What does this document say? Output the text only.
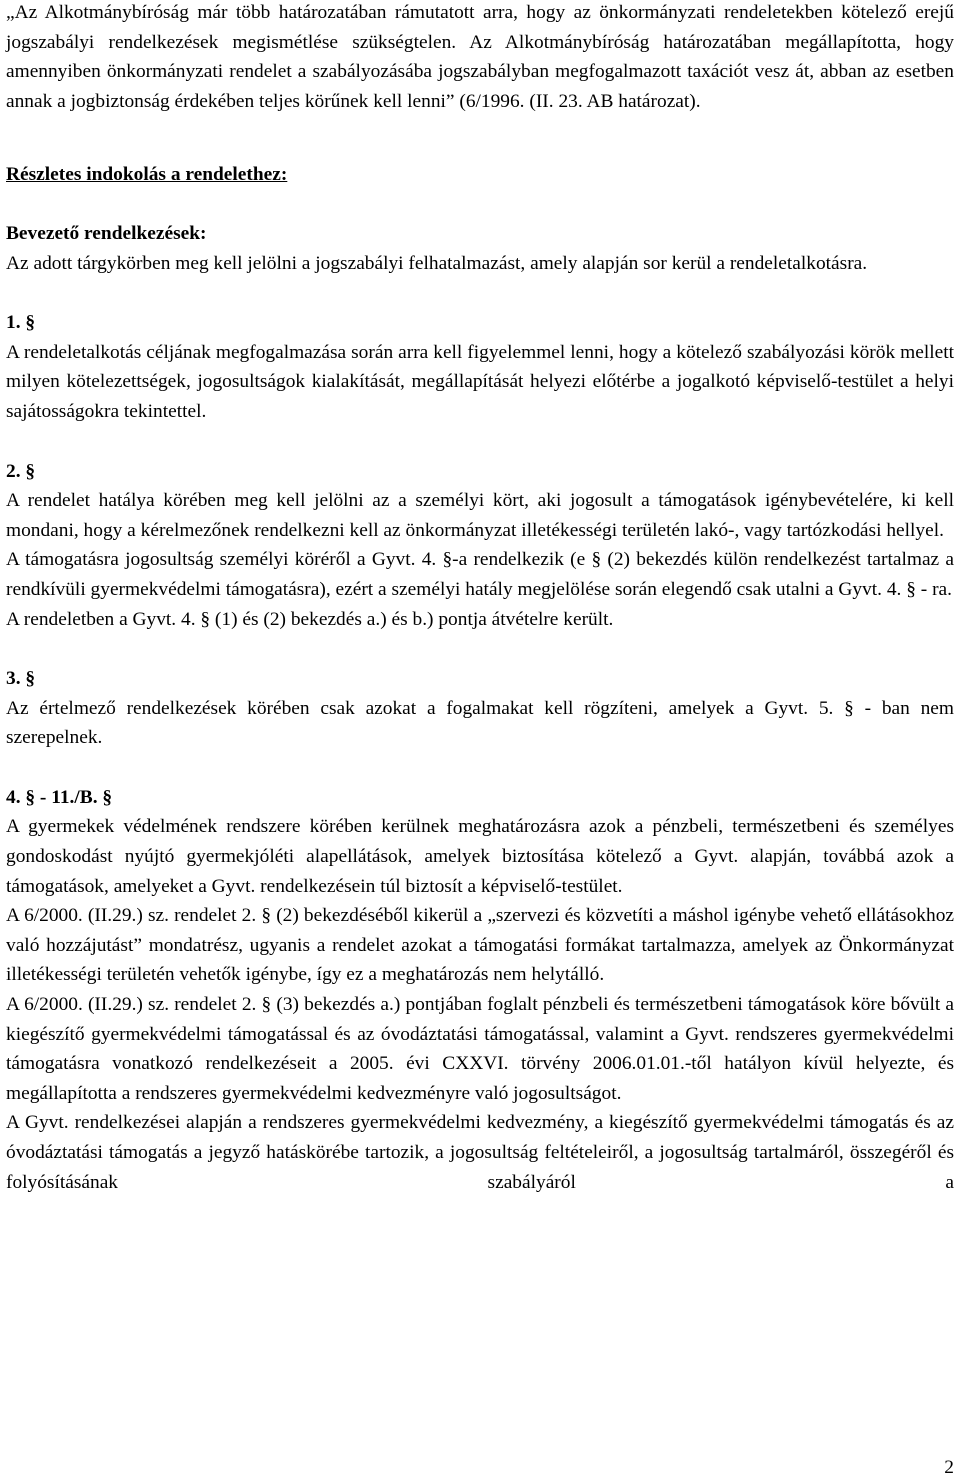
„Az Alkotmánybíróság már több határozatában rámutatott arra, hogy az önkormányzati rendeletekben kötelező erejű jogszabályi rendelkezések megismétlése szükségtelen. Az Alkotmánybíróság határozatában megállapította, hogy amennyiben önkormányzati rendelet a szabályozásába jogszabályban megfogalmazott taxációt vesz át, abban az esetben annak a jogbiztonság érdekében teljes körűnek kell lenni” (6/1996. (II. 23. AB határozat).

Részletes indokolás a rendelethez:

Bevezető rendelkezések:

Az adott tárgykörben meg kell jelölni a jogszabályi felhatalmazást, amely alapján sor kerül a rendeletalkotásra.

1. §

A rendeletalkotás céljának megfogalmazása során arra kell figyelemmel lenni, hogy a kötelező szabályozási körök mellett milyen kötelezettségek, jogosultságok kialakítását, megállapítását helyezi előtérbe a jogalkotó képviselő-testület a helyi sajátosságokra tekintettel.

2. §

A rendelet hatálya körében meg kell jelölni az a személyi kört, aki jogosult a támogatások igénybevételére, ki kell mondani, hogy a kérelmezőnek rendelkezni kell az önkormányzat illetékességi területén lakó-, vagy tartózkodási hellyel.

A támogatásra jogosultság személyi köréről a Gyvt. 4. §-a rendelkezik (e § (2) bekezdés külön rendelkezést tartalmaz a rendkívüli gyermekvédelmi támogatásra), ezért a személyi hatály megjelölése során elegendő csak utalni a Gyvt. 4. § - ra.

A rendeletben a Gyvt. 4. § (1) és (2) bekezdés a.) és b.) pontja átvételre került.

3. §

Az értelmező rendelkezések körében csak azokat a fogalmakat kell rögzíteni, amelyek a Gyvt. 5. § - ban nem szerepelnek.

4. § - 11./B. §

A gyermekek védelmének rendszere körében kerülnek meghatározásra azok a pénzbeli, természetbeni és személyes gondoskodást nyújtó gyermekjóléti alapellátások, amelyek biztosítása kötelező a Gyvt. alapján, továbbá azok a támogatások, amelyeket a Gyvt. rendelkezésein túl biztosít a képviselő-testület.

A 6/2000. (II.29.) sz. rendelet 2. § (2) bekezdéséből kikerül a „szervezi és közvetíti a máshol igénybe vehető ellátásokhoz való hozzájutást” mondatrész, ugyanis a rendelet azokat a támogatási formákat tartalmazza, amelyek az Önkormányzat illetékességi területén vehetők igénybe, így ez a meghatározás nem helytálló.

A 6/2000. (II.29.) sz. rendelet 2. § (3) bekezdés a.) pontjában foglalt pénzbeli és természetbeni támogatások köre bővült a kiegészítő gyermekvédelmi támogatással és az óvodáztatási támogatással, valamint a Gyvt. rendszeres gyermekvédelmi támogatásra vonatkozó rendelkezéseit a 2005. évi CXXVI. törvény 2006.01.01.-től hatályon kívül helyezte, és megállapította a rendszeres gyermekvédelmi kedvezményre való jogosultságot.

A Gyvt. rendelkezései alapján a rendszeres gyermekvédelmi kedvezmény, a kiegészítő gyermekvédelmi támogatás és az óvodáztatási támogatás a jegyző hatáskörébe tartozik, a jogosultság feltételeiről, a jogosultság tartalmáról, összegéről és folyósításának szabályáról a

2
